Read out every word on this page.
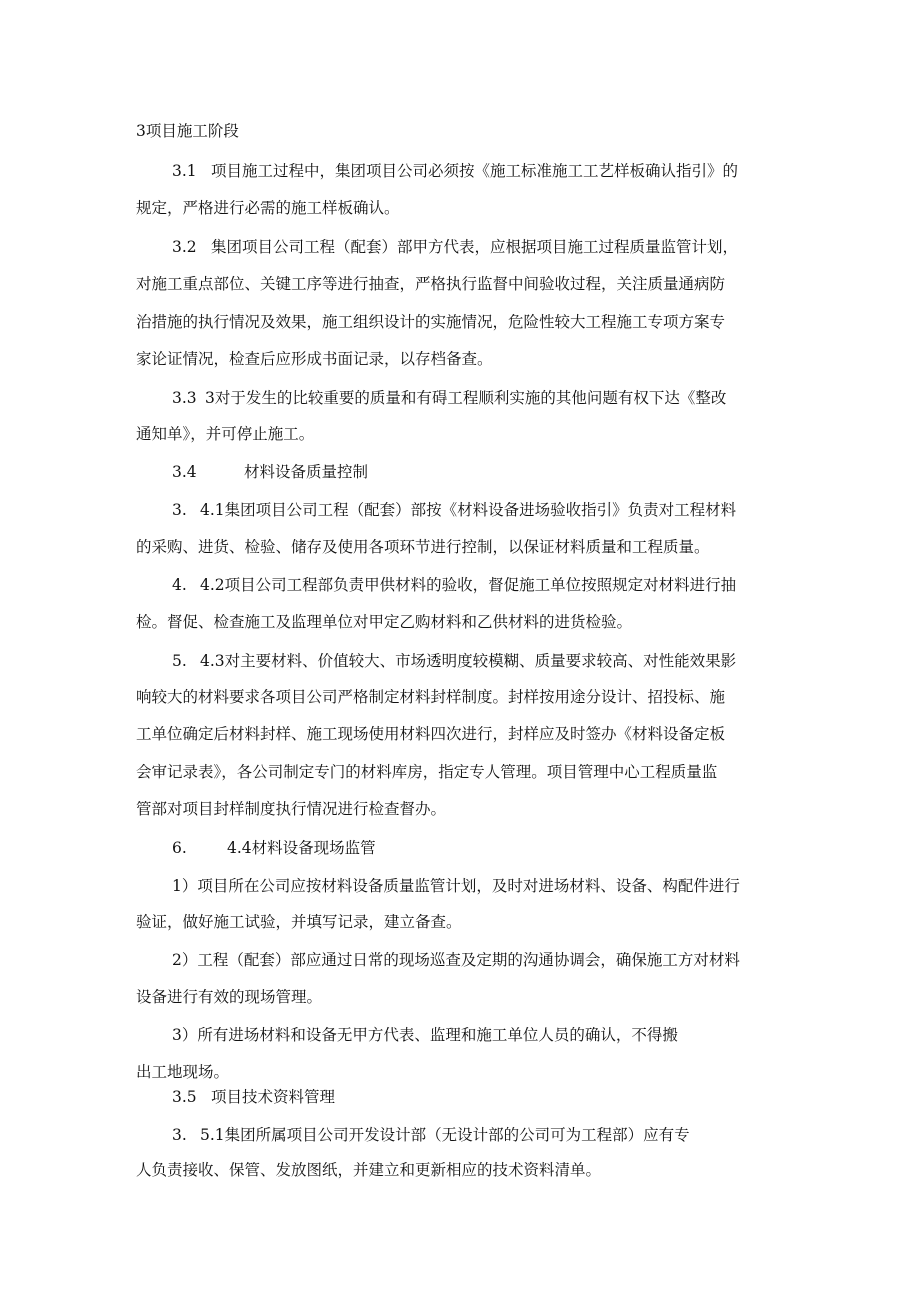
3项目施工阶段
3.1 项目施工过程中，集团项目公司必须按《施工标准施工工艺样板确认指引》的
规定，严格进行必需的施工样板确认。
3.2 集团项目公司工程（配套）部甲方代表，应根据项目施工过程质量监管计划，
对施工重点部位、关键工序等进行抽查，严格执行监督中间验收过程，关注质量通病防
治措施的执行情况及效果，施工组织设计的实施情况，危险性较大工程施工专项方案专
家论证情况，检查后应形成书面记录，以存档备查。
3.3 3对于发生的比较重要的质量和有碍工程顺利实施的其他问题有权下达《整改
通知单》，并可停止施工。
3.4	材料设备质量控制
3. 4.1集团项目公司工程（配套）部按《材料设备进场验收指引》负责对工程材料
的采购、进货、检验、储存及使用各项环节进行控制，以保证材料质量和工程质量。
4. 4.2项目公司工程部负责甲供材料的验收，督促施工单位按照规定对材料进行抽
检。督促、检查施工及监理单位对甲定乙购材料和乙供材料的进货检验。
5. 4.3对主要材料、价值较大、市场透明度较模糊、质量要求较高、对性能效果影
响较大的材料要求各项目公司严格制定材料封样制度。封样按用途分设计、招投标、施
工单位确定后材料封样、施工现场使用材料四次进行，封样应及时签办《材料设备定板
会审记录表》，各公司制定专门的材料库房，指定专人管理。项目管理中心工程质量监
管部对项目封样制度执行情况进行检查督办。
6.	4.4材料设备现场监管
1）项目所在公司应按材料设备质量监管计划，及时对进场材料、设备、构配件进行
验证，做好施工试验，并填写记录，建立备查。
2）工程（配套）部应通过日常的现场巡查及定期的沟通协调会，确保施工方对材料
设备进行有效的现场管理。
3）所有进场材料和设备无甲方代表、监理和施工单位人员的确认，不得搬
出工地现场。
3.5 项目技术资料管理
3. 5.1集团所属项目公司开发设计部（无设计部的公司可为工程部）应有专
人负责接收、保管、发放图纸，并建立和更新相应的技术资料清单。
